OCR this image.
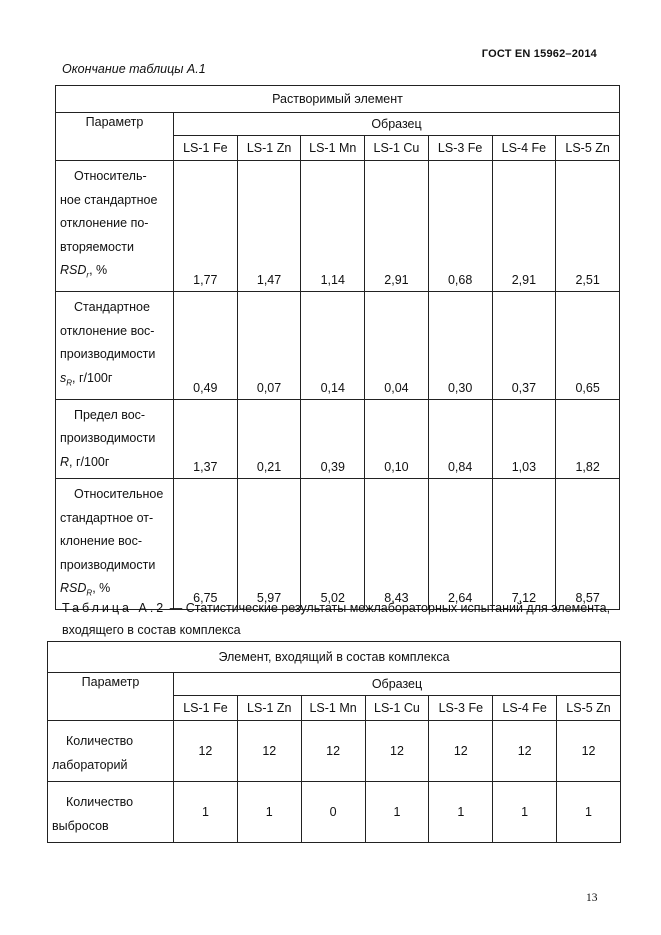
ГОСТ EN 15962–2014
Окончание таблицы А.1
Растворимый элемент							
Параметр	Образец						
	LS-1 Fe	LS-1 Zn	LS-1 Mn	LS-1 Cu	LS-3 Fe	LS-4 Fe	LS-5 Zn

Относитель-
ное стандартное
отклонение по-
вторяемости
$RSD_r$, %	1,77	1,47	1,14	2,91	0,68	2,91	2,51

Стандартное
отклонение вос-
производимости
$s_R$, г/100г	0,49	0,07	0,14	0,04	0,30	0,37	0,65

Предел вос-
производимости
R, г/100г	1,37	0,21	0,39	0,10	0,84	1,03	1,82

Относительное
стандартное от-
клонение вос-
производимости
$RSD_R$, %	6,75	5,97	5,02	8,43	2,64	7,12	8,57
Таблица А.2 — Статистические результаты межлабораторных испытаний для элемента, входящего в состав комплекса
Элемент, входящий в состав комплекса							
Параметр	Образец						
	LS-1 Fe	LS-1 Zn	LS-1 Mn	LS-1 Cu	LS-3 Fe	LS-4 Fe	LS-5 Zn

Количество
лабораторий	12	12	12	12	12	12	12

Количество
выбросов	1	1	0	1	1	1	1
13
